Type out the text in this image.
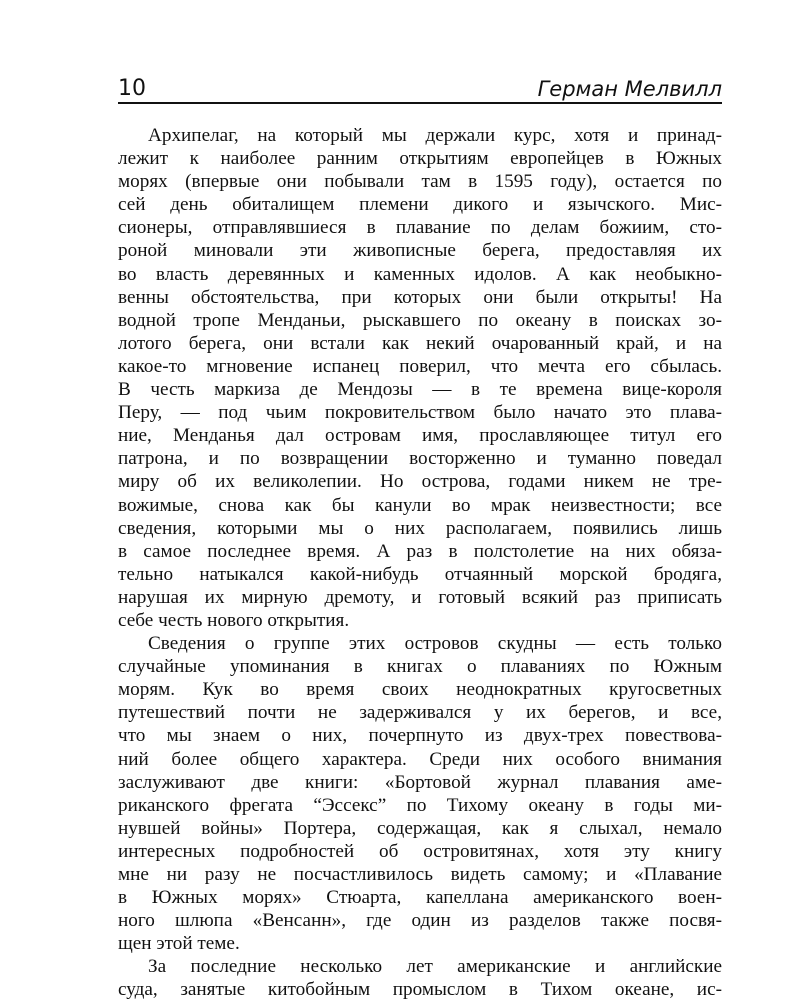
10	Герман Мелвилл
Архипелаг, на который мы держали курс, хотя и принад-
лежит к наиболее ранним открытиям европейцев в Южных
морях (впервые они побывали там в 1595 году), остается по
сей день обиталищем племени дикого и язычского. Мис-
сионеры, отправлявшиеся в плавание по делам божиим, сто-
роной миновали эти живописные берега, предоставляя их
во власть деревянных и каменных идолов. А как необыкно-
венны обстоятельства, при которых они были открыты! На
водной тропе Менданьи, рыскавшего по океану в поисках зо-
лотого берега, они встали как некий очарованный край, и на
какое-то мгновение испанец поверил, что мечта его сбылась.
В честь маркиза де Мендозы — в те времена вице-короля
Перу, — под чьим покровительством было начато это плава-
ние, Менданья дал островам имя, прославляющее титул его
патрона, и по возвращении восторженно и туманно поведал
миру об их великолепии. Но острова, годами никем не тре-
вожимые, снова как бы канули во мрак неизвестности; все
сведения, которыми мы о них располагаем, появились лишь
в самое последнее время. А раз в полстолетие на них обяза-
тельно натыкался какой-нибудь отчаянный морской бродяга,
нарушая их мирную дремоту, и готовый всякий раз приписать
себе честь нового открытия.
Сведения о группе этих островов скудны — есть только
случайные упоминания в книгах о плаваниях по Южным
морям. Кук во время своих неоднократных кругосветных
путешествий почти не задерживался у их берегов, и все,
что мы знаем о них, почерпнуто из двух-трех повествова-
ний более общего характера. Среди них особого внимания
заслуживают две книги: «Бортовой журнал плавания аме-
риканского фрегата “Эссекс” по Тихому океану в годы ми-
нувшей войны» Портера, содержащая, как я слыхал, немало
интересных подробностей об островитянах, хотя эту книгу
мне ни разу не посчастливилось видеть самому; и «Плавание
в Южных морях» Стюарта, капеллана американского воен-
ного шлюпа «Венсанн», где один из разделов также посвя-
щен этой теме.
За последние несколько лет американские и английские
суда, занятые китобойным промыслом в Тихом океане, ис-
